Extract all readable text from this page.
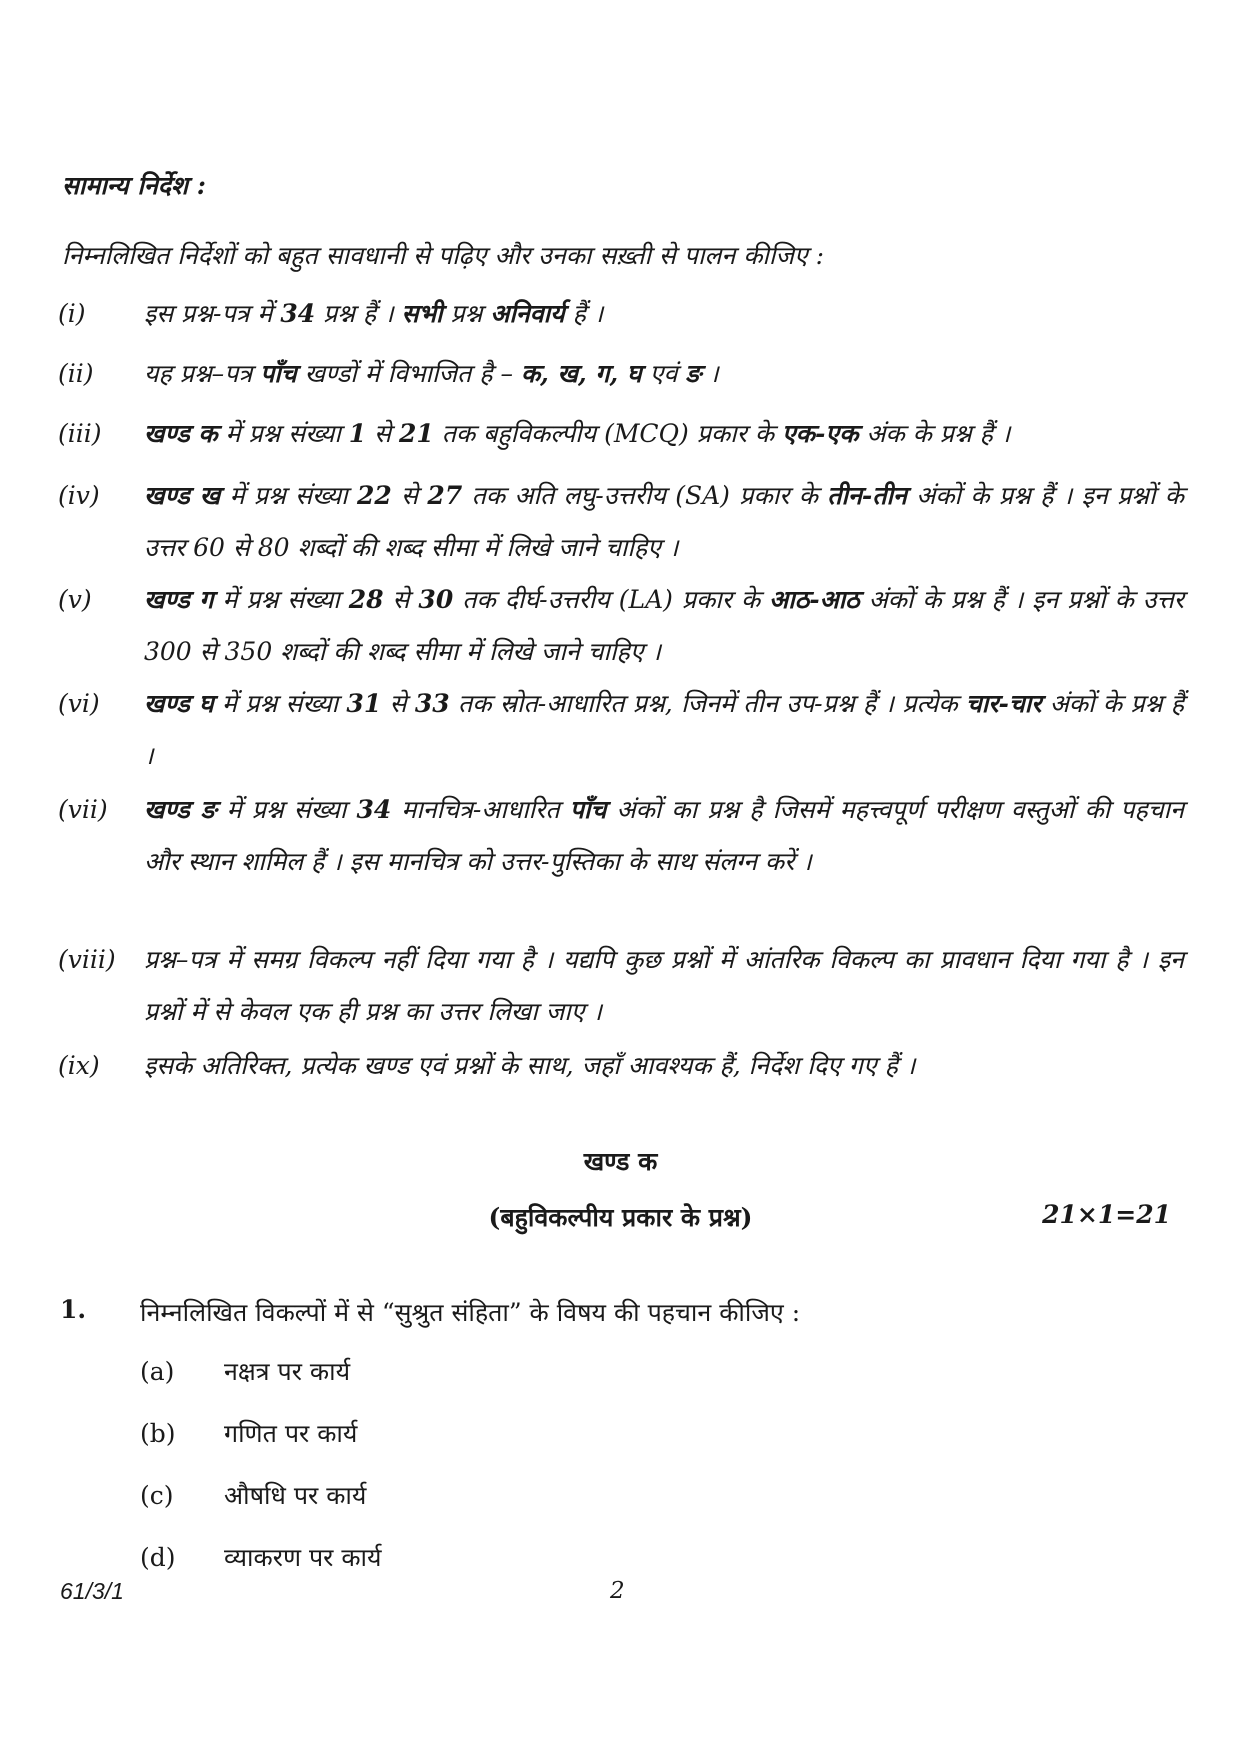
सामान्य निर्देश :
निम्नलिखित निर्देशों को बहुत सावधानी से पढ़िए और उनका सख़्ती से पालन कीजिए :
(i)	इस प्रश्न-पत्र में 34 प्रश्न हैं । सभी प्रश्न अनिवार्य हैं ।
(ii)	यह प्रश्न–पत्र पाँच खण्डों में विभाजित है – क, ख, ग, घ एवं ङ ।
(iii)	खण्ड क में प्रश्न संख्या 1 से 21 तक बहुविकल्पीय (MCQ) प्रकार के एक-एक अंक के प्रश्न हैं ।
(iv)	खण्ड ख में प्रश्न संख्या 22 से 27 तक अति लघु-उत्तरीय (SA) प्रकार के तीन-तीन अंकों के प्रश्न हैं । इन प्रश्नों के उत्तर 60 से 80 शब्दों की शब्द सीमा में लिखे जाने चाहिए ।
(v)	खण्ड ग में प्रश्न संख्या 28 से 30 तक दीर्घ-उत्तरीय (LA) प्रकार के आठ-आठ अंकों के प्रश्न हैं । इन प्रश्नों के उत्तर 300 से 350 शब्दों की शब्द सीमा में लिखे जाने चाहिए ।
(vi)	खण्ड घ में प्रश्न संख्या 31 से 33 तक स्रोत-आधारित प्रश्न, जिनमें तीन उप-प्रश्न हैं । प्रत्येक चार-चार अंकों के प्रश्न हैं ।
(vii)	खण्ड ङ में प्रश्न संख्या 34 मानचित्र-आधारित पाँच अंकों का प्रश्न है जिसमें महत्त्वपूर्ण परीक्षण वस्तुओं की पहचान और स्थान शामिल हैं । इस मानचित्र को उत्तर-पुस्तिका के साथ संलग्न करें ।
(viii)	प्रश्न–पत्र में समग्र विकल्प नहीं दिया गया है । यद्यपि कुछ प्रश्नों में आंतरिक विकल्प का प्रावधान दिया गया है । इन प्रश्नों में से केवल एक ही प्रश्न का उत्तर लिखा जाए ।
(ix)	इसके अतिरिक्त, प्रत्येक खण्ड एवं प्रश्नों के साथ, जहाँ आवश्यक हैं, निर्देश दिए गए हैं ।
खण्ड क
(बहुविकल्पीय प्रकार के प्रश्न)	21×1=21
1. निम्नलिखित विकल्पों में से “सुश्रुत संहिता” के विषय की पहचान कीजिए :
(a) नक्षत्र पर कार्य
(b) गणित पर कार्य
(c) औषधि पर कार्य
(d) व्याकरण पर कार्य
61/3/1	2
